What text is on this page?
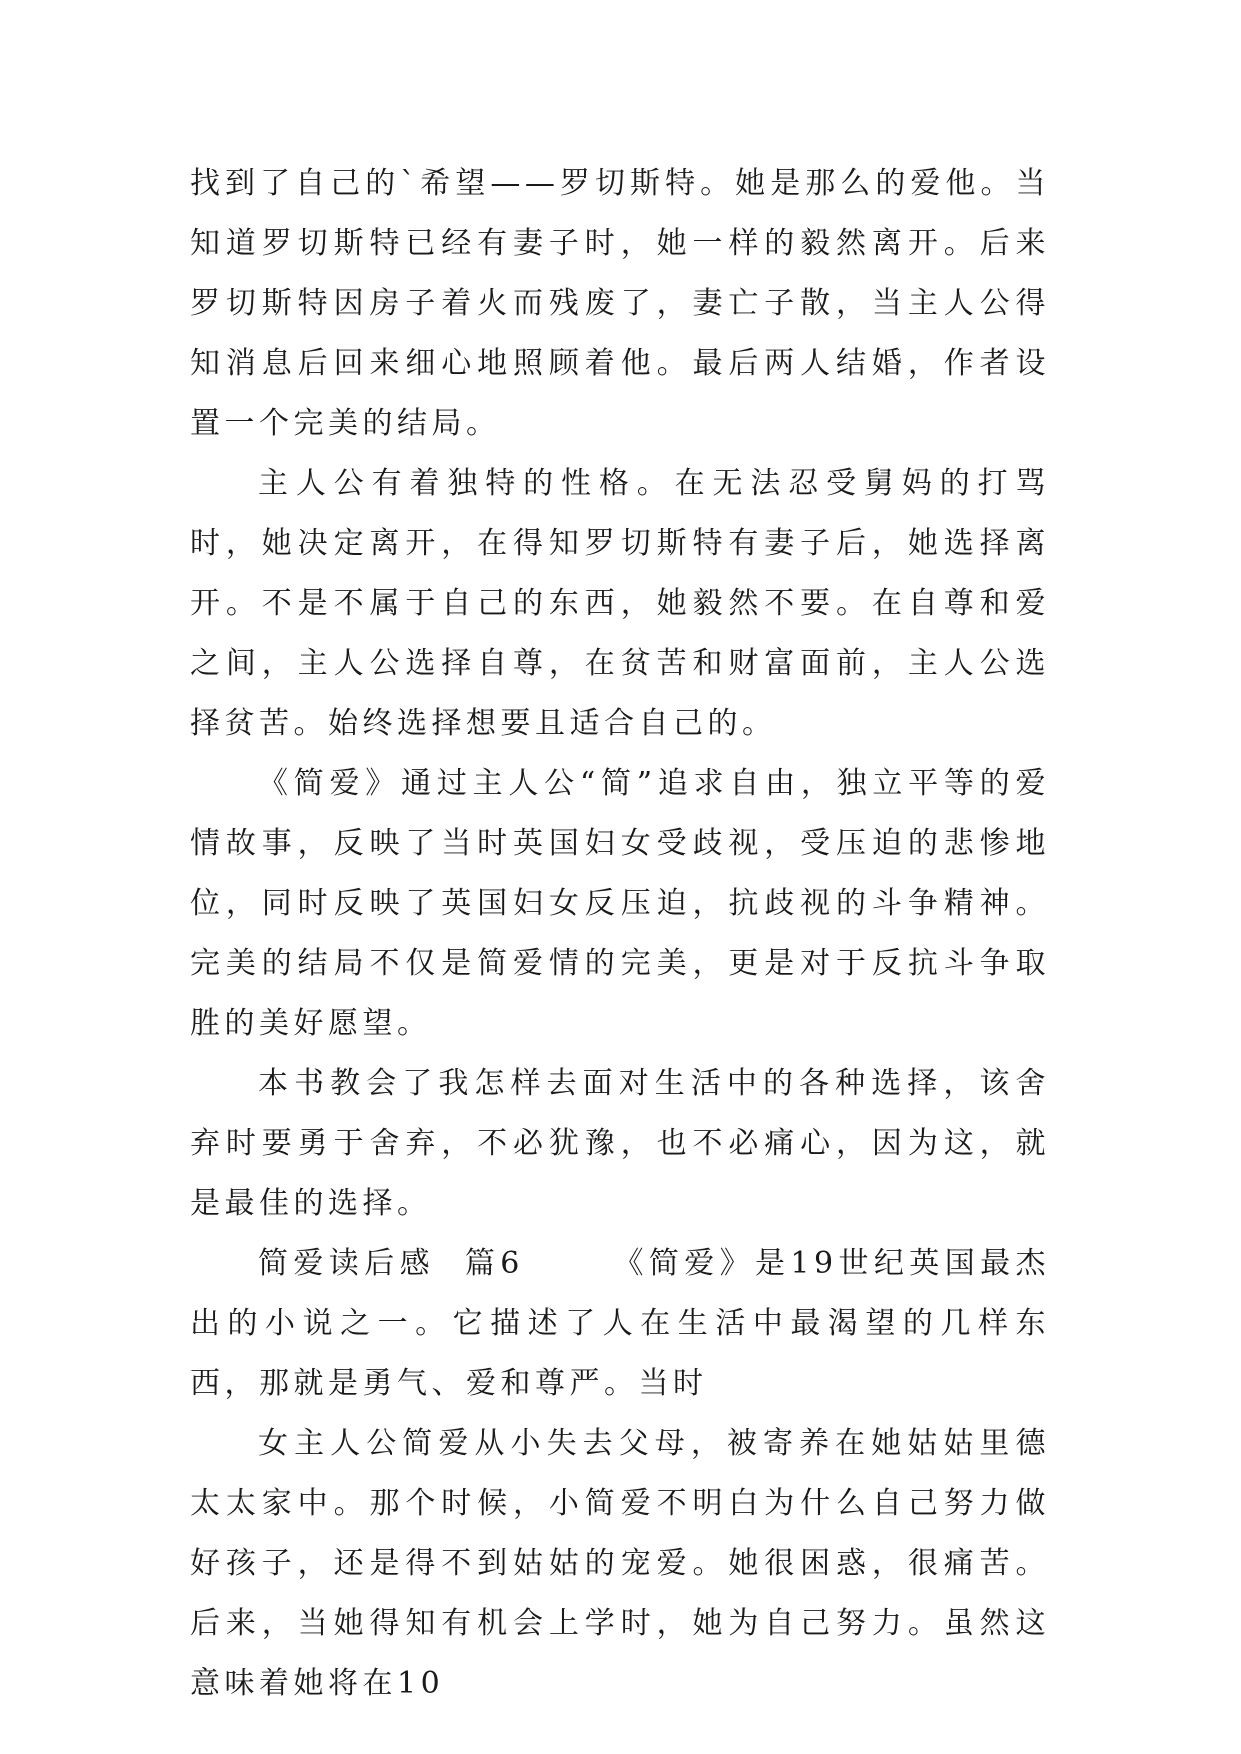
找到了自己的`希望——罗切斯特。她是那么的爱他。当知道罗切斯特已经有妻子时，她一样的毅然离开。后来罗切斯特因房子着火而残废了，妻亡子散，当主人公得知消息后回来细心地照顾着他。最后两人结婚，作者设置一个完美的结局。

主人公有着独特的性格。在无法忍受舅妈的打骂时，她决定离开，在得知罗切斯特有妻子后，她选择离开。不是不属于自己的东西，她毅然不要。在自尊和爱之间，主人公选择自尊，在贫苦和财富面前，主人公选择贫苦。始终选择想要且适合自己的。

《简爱》通过主人公“简”追求自由，独立平等的爱情故事，反映了当时英国妇女受歧视，受压迫的悲惨地位，同时反映了英国妇女反压迫，抗歧视的斗争精神。完美的结局不仅是简爱情的完美，更是对于反抗斗争取胜的美好愿望。

本书教会了我怎样去面对生活中的各种选择，该舍弃时要勇于舍弃，不必犹豫，也不必痛心，因为这，就是最佳的选择。

简爱读后感  篇6      《简爱》是19世纪英国最杰出的小说之一。它描述了人在生活中最渴望的几样东西，那就是勇气、爱和尊严。当时

女主人公简爱从小失去父母，被寄养在她姑姑里德太太家中。那个时候，小简爱不明白为什么自己努力做好孩子，还是得不到姑姑的宠爱。她很困惑，很痛苦。后来，当她得知有机会上学时，她为自己努力。虽然这意味着她将在10
